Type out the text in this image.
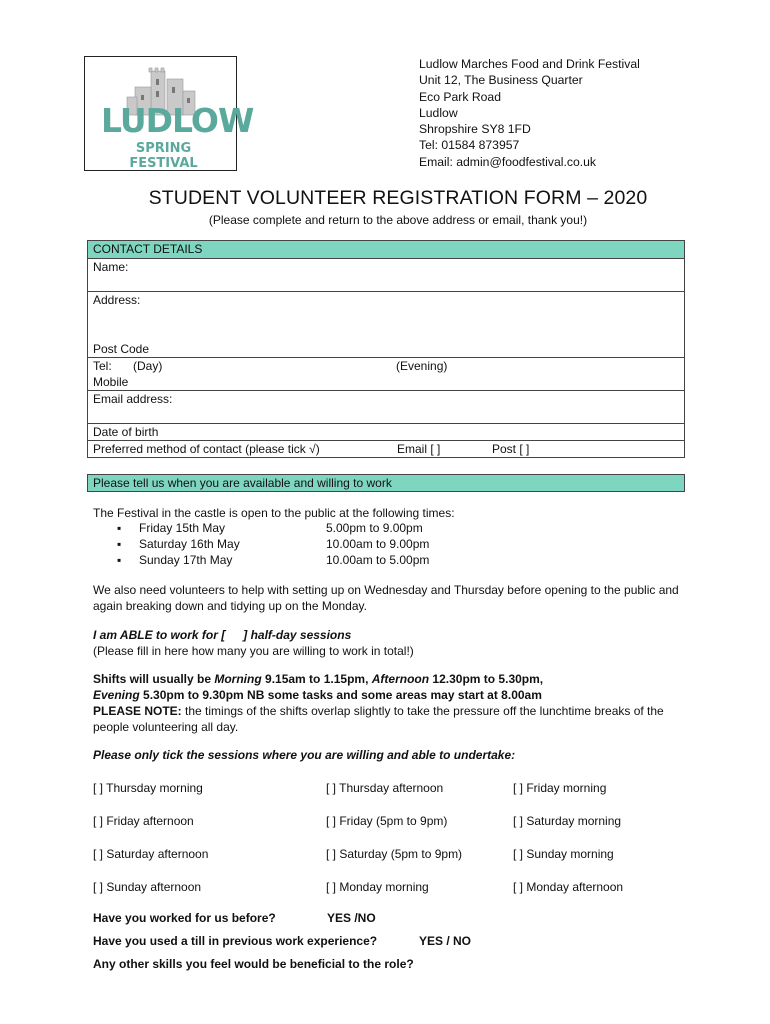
LUDLOW
SPRING FESTIVAL
Ludlow Marches Food and Drink Festival
Unit 12, The Business Quarter
Eco Park Road
Ludlow
Shropshire SY8 1FD
Tel: 01584 873957
Email: admin@foodfestival.co.uk
STUDENT VOLUNTEER REGISTRATION FORM – 2020
(Please complete and return to the above address or email, thank you!)
CONTACT DETAILS
Name:
Address:
Post Code
Tel: (Day)	(Evening)
Mobile
Email address:
Date of birth
Preferred method of contact (please tick √)	Email [ ]	Post [ ]
Please tell us when you are available and willing to work
The Festival in the castle is open to the public at the following times:
▪ Friday 15th May	5.00pm to 9.00pm
▪ Saturday 16th May	10.00am to 9.00pm
▪ Sunday 17th May	10.00am to 5.00pm
We also need volunteers to help with setting up on Wednesday and Thursday before opening to the public and again breaking down and tidying up on the Monday.
I am ABLE to work for [ ] half-day sessions
(Please fill in here how many you are willing to work in total!)
Shifts will usually be Morning 9.15am to 1.15pm, Afternoon 12.30pm to 5.30pm,
Evening 5.30pm to 9.30pm NB some tasks and some areas may start at 8.00am
PLEASE NOTE: the timings of the shifts overlap slightly to take the pressure off the lunchtime breaks of the people volunteering all day.
Please only tick the sessions where you are willing and able to undertake:
[ ] Thursday morning	[ ] Thursday afternoon	[ ] Friday morning
[ ] Friday afternoon	[ ] Friday (5pm to 9pm)	[ ] Saturday morning
[ ] Saturday afternoon	[ ] Saturday (5pm to 9pm)	[ ] Sunday morning
[ ] Sunday afternoon	[ ] Monday morning	[ ] Monday afternoon
Have you worked for us before?	YES /NO
Have you used a till in previous work experience?	YES / NO
Any other skills you feel would be beneficial to the role?
